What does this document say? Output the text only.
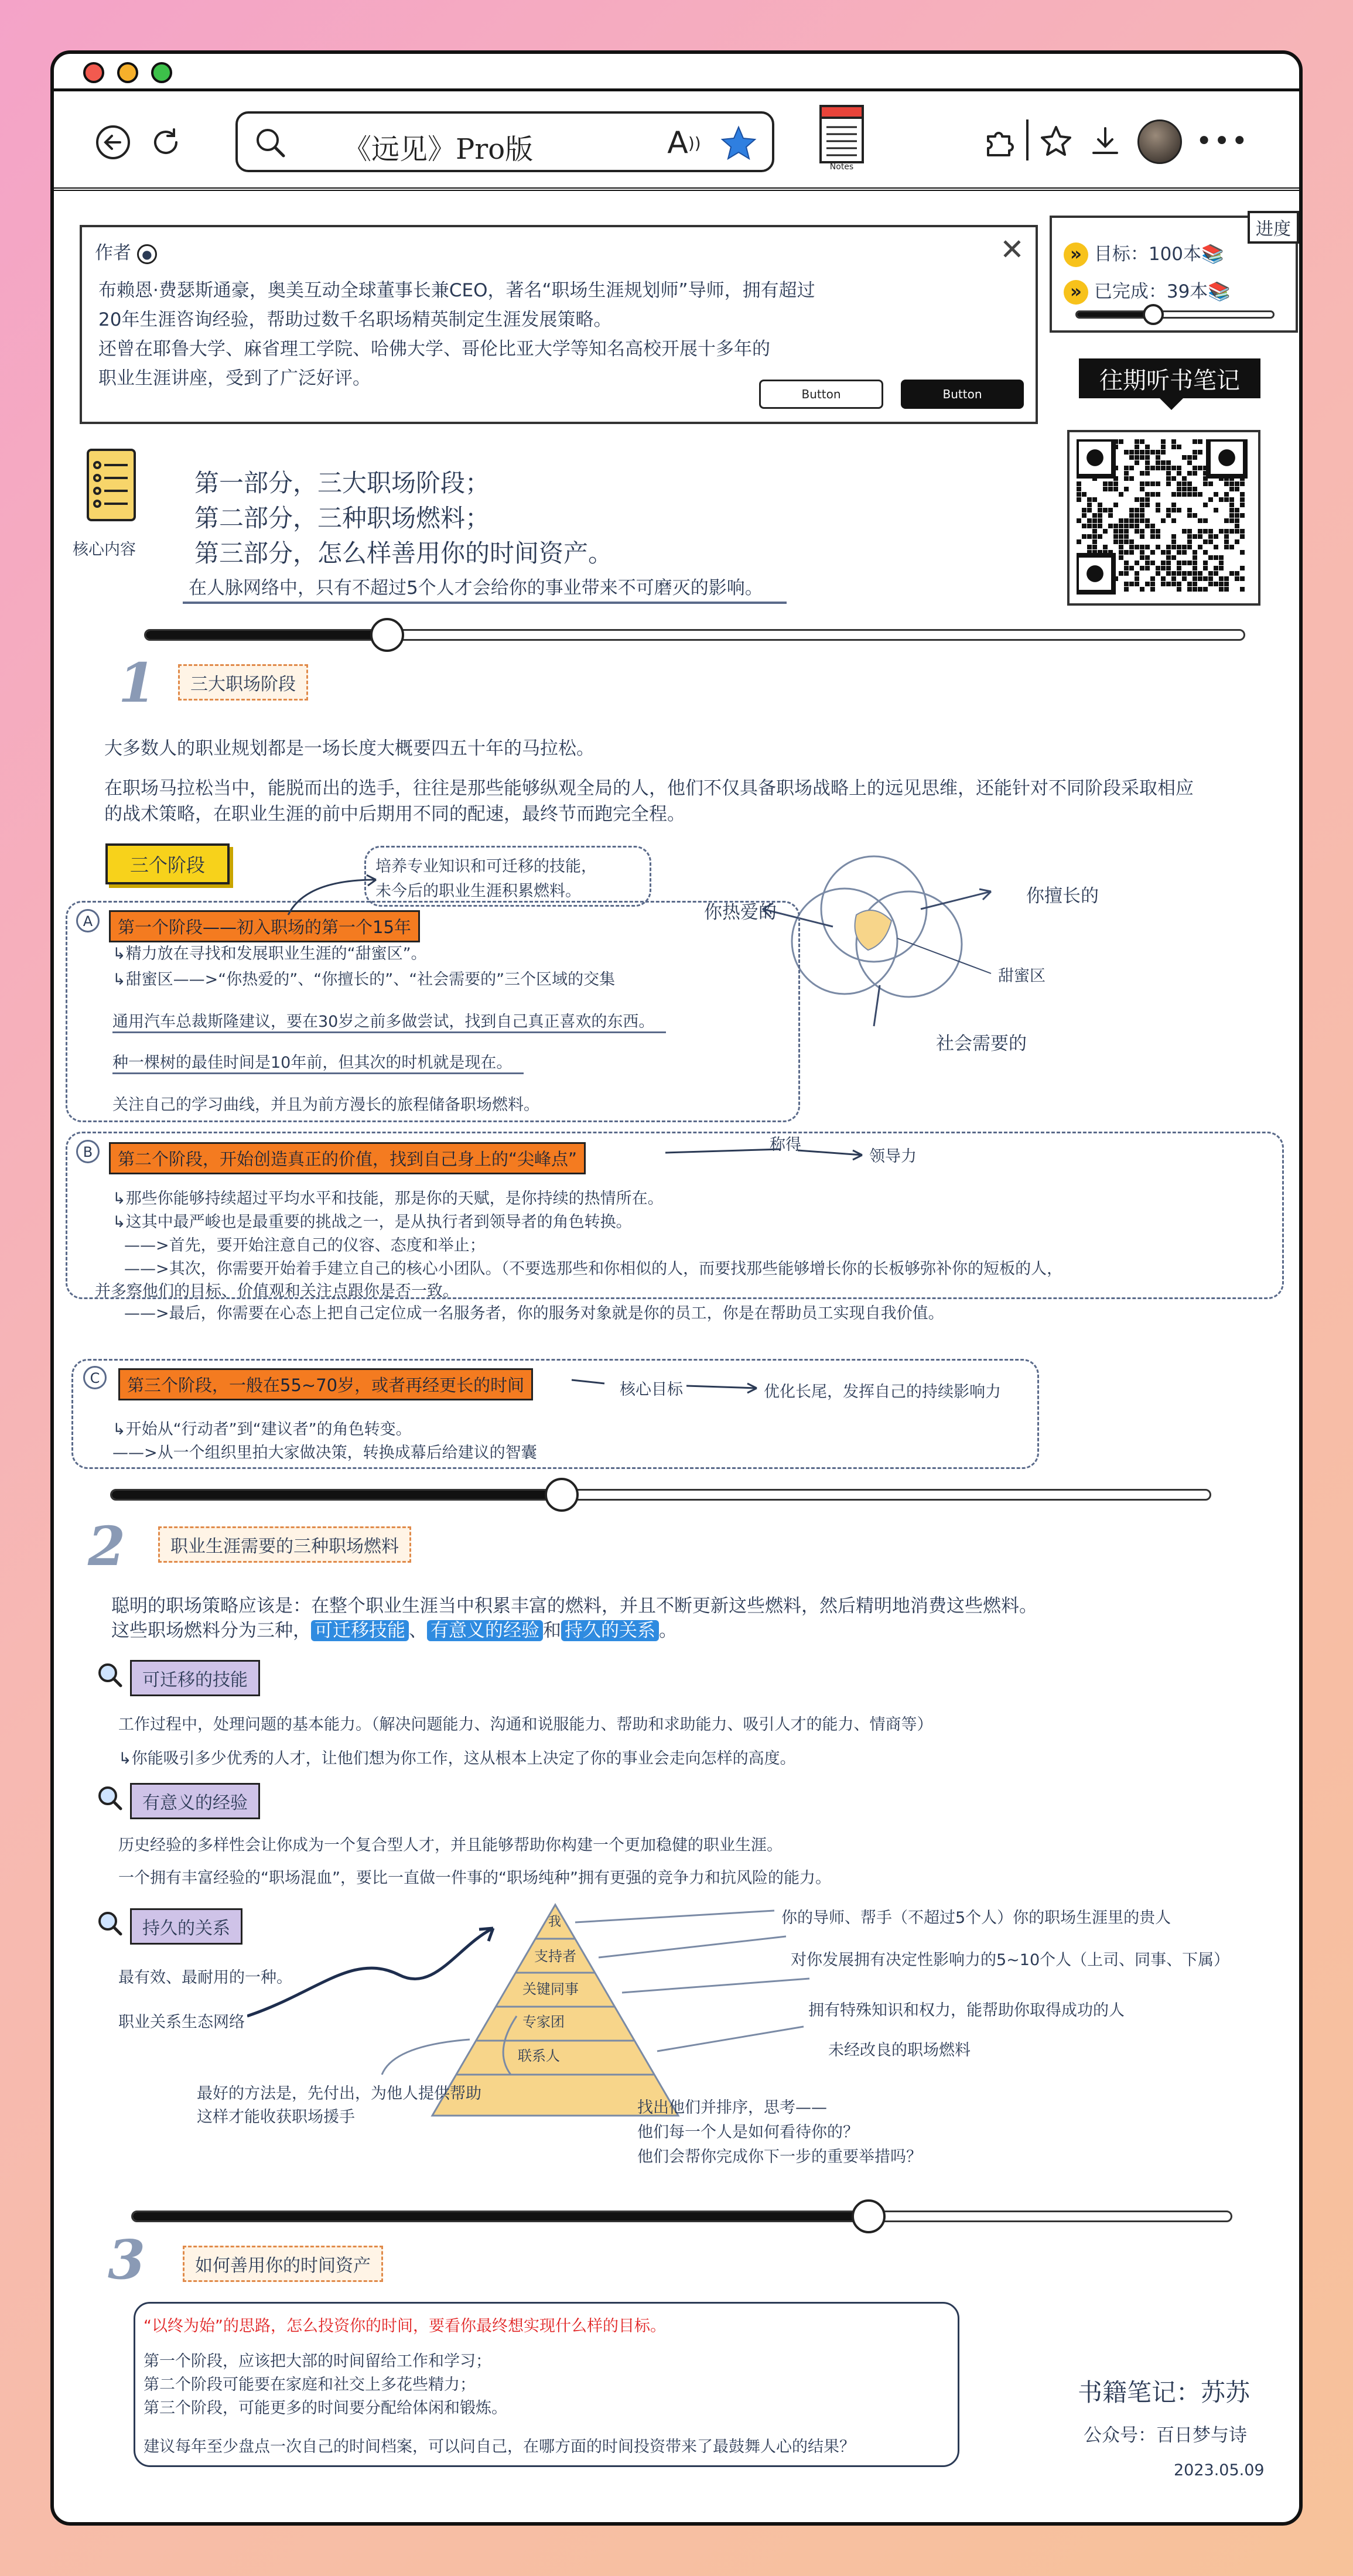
《远见》Pro版	A ))
Notes
•••
作者 ●	✕
布赖恩·费瑟斯通豪，奥美互动全球董事长兼CEO，著名“职场生涯规划师”导师，拥有超过
20年生涯咨询经验，帮助过数千名职场精英制定生涯发展策略。
还曾在耶鲁大学、麻省理工学院、哈佛大学、哥伦比亚大学等知名高校开展十多年的
职业生涯讲座，受到了广泛好评。
Button	Button
进度
» 目标：100本📚
» 已完成：39本📚
往期听书笔记
核心内容
第一部分，三大职场阶段；
第二部分，三种职场燃料；
第三部分，怎么样善用你的时间资产。
在人脉网络中，只有不超过5个人才会给你的事业带来不可磨灭的影响。
1	三大职场阶段
大多数人的职业规划都是一场长度大概要四五十年的马拉松。
在职场马拉松当中，能脱而出的选手，往往是那些能够纵观全局的人，他们不仅具备职场战略上的远见思维，还能针对不同阶段采取相应
的战术策略，在职业生涯的前中后期用不同的配速，最终节而跑完全程。
三个阶段	培养专业知识和可迁移的技能，
未今后的职业生涯积累燃料。
你热爱的
你擅长的
甜蜜区
社会需要的
A	第一个阶段——初入职场的第一个15年
↳精力放在寻找和发展职业生涯的“甜蜜区”。
↳甜蜜区——>“你热爱的”、“你擅长的”、“社会需要的”三个区域的交集
通用汽车总裁斯隆建议，要在30岁之前多做尝试，找到自己真正喜欢的东西。
种一棵树的最佳时间是10年前，但其次的时机就是现在。
关注自己的学习曲线，并且为前方漫长的旅程储备职场燃料。
B	第二个阶段，开始创造真正的价值，找到自己身上的“尖峰点”
称得
领导力
↳那些你能够持续超过平均水平和技能，那是你的天赋，是你持续的热情所在。
↳这其中最严峻也是最重要的挑战之一，是从执行者到领导者的角色转换。
——>首先，要开始注意自己的仪容、态度和举止；
——>其次，你需要开始着手建立自己的核心小团队。（不要选那些和你相似的人，而要找那些能够增长你的长板够弥补你的短板的人，
并多察他们的目标、价值观和关注点跟你是否一致。
——>最后，你需要在心态上把自己定位成一名服务者，你的服务对象就是你的员工，你是在帮助员工实现自我价值。
C	第三个阶段，一般在55~70岁，或者再经更长的时间	核心目标	优化长尾，发挥自己的持续影响力
↳开始从“行动者”到“建议者”的角色转变。
——>从一个组织里拍大家做决策，转换成幕后给建议的智囊
2	职业生涯需要的三种职场燃料
聪明的职场策略应该是：在整个职业生涯当中积累丰富的燃料，并且不断更新这些燃料，然后精明地消费这些燃料。
这些职场燃料分为三种， 可迁移技能 、 有意义的经验 和 持久的关系 。
可迁移的技能
工作过程中，处理问题的基本能力。（解决问题能力、沟通和说服能力、帮助和求助能力、吸引人才的能力、情商等）
↳你能吸引多少优秀的人才，让他们想为你工作，这从根本上决定了你的事业会走向怎样的高度。
有意义的经验
历史经验的多样性会让你成为一个复合型人才，并且能够帮助你构建一个更加稳健的职业生涯。
一个拥有丰富经验的“职场混血”，要比一直做一件事的“职场纯种”拥有更强的竞争力和抗风险的能力。
持久的关系
最有效、最耐用的一种。
职业关系生态网络
我
支持者
关键同事
专家团
联系人
你的导师、帮手（不超过5个人）你的职场生涯里的贵人
对你发展拥有决定性影响力的5~10个人（上司、同事、下属）
拥有特殊知识和权力，能帮助你取得成功的人
未经改良的职场燃料
最好的方法是，先付出，为他人提供帮助
这样才能收获职场援手
找出他们并排序，思考——
他们每一个人是如何看待你的？
他们会帮你完成你下一步的重要举措吗？
3	如何善用你的时间资产
“以终为始”的思路，怎么投资你的时间，要看你最终想实现什么样的目标。
第一个阶段，应该把大部的时间留给工作和学习；
第二个阶段可能要在家庭和社交上多花些精力；
第三个阶段，可能更多的时间要分配给体闲和锻炼。
建议每年至少盘点一次自己的时间档案，可以问自己，在哪方面的时间投资带来了最鼓舞人心的结果？
书籍笔记：苏苏
公众号：百日梦与诗
2023.05.09
